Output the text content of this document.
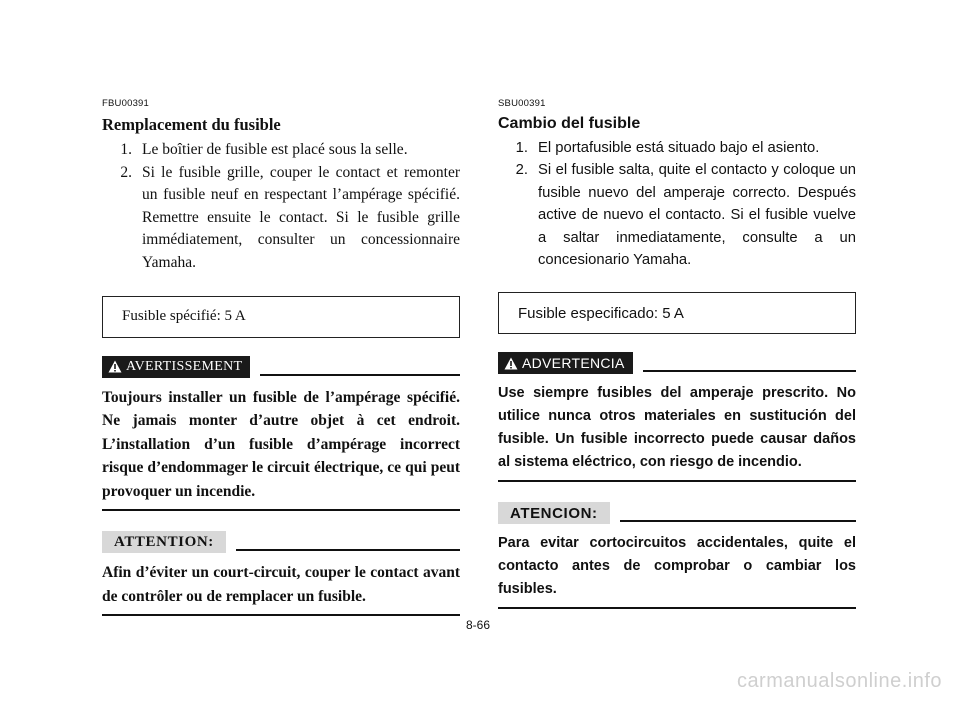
FBU00391
Remplacement du fusible
1. Le boîtier de fusible est placé sous la selle.
2. Si le fusible grille, couper le contact et remonter un fusible neuf en respectant l’ampérage spécifié. Remettre ensuite le contact. Si le fusible grille immédiatement, consulter un concessionnaire Yamaha.
Fusible spécifié: 5 A
AVERTISSEMENT

Toujours installer un fusible de l’ampérage spécifié. Ne jamais monter d’autre objet à cet endroit. L’installation d’un fusible d’ampérage incorrect risque d’endommager le circuit électrique, ce qui peut provoquer un incendie.

ATTENTION:

Afin d’éviter un court-circuit, couper le contact avant de contrôler ou de remplacer un fusible.

SBU00391
Cambio del fusible
1. El portafusible está situado bajo el asiento.
2. Si el fusible salta, quite el contacto y coloque un fusible nuevo del amperaje correcto. Después active de nuevo el contacto. Si el fusible vuelve a saltar inmediatamente, consulte a un concesionario Yamaha.
Fusible especificado: 5 A
ADVERTENCIA

Use siempre fusibles del amperaje prescrito. No utilice nunca otros materiales en sustitución del fusible. Un fusible incorrecto puede causar daños al sistema eléctrico, con riesgo de incendio.

ATENCION:

Para evitar cortocircuitos accidentales, quite el contacto antes de comprobar o cambiar los fusibles.

8-66
carmanualsonline.info
